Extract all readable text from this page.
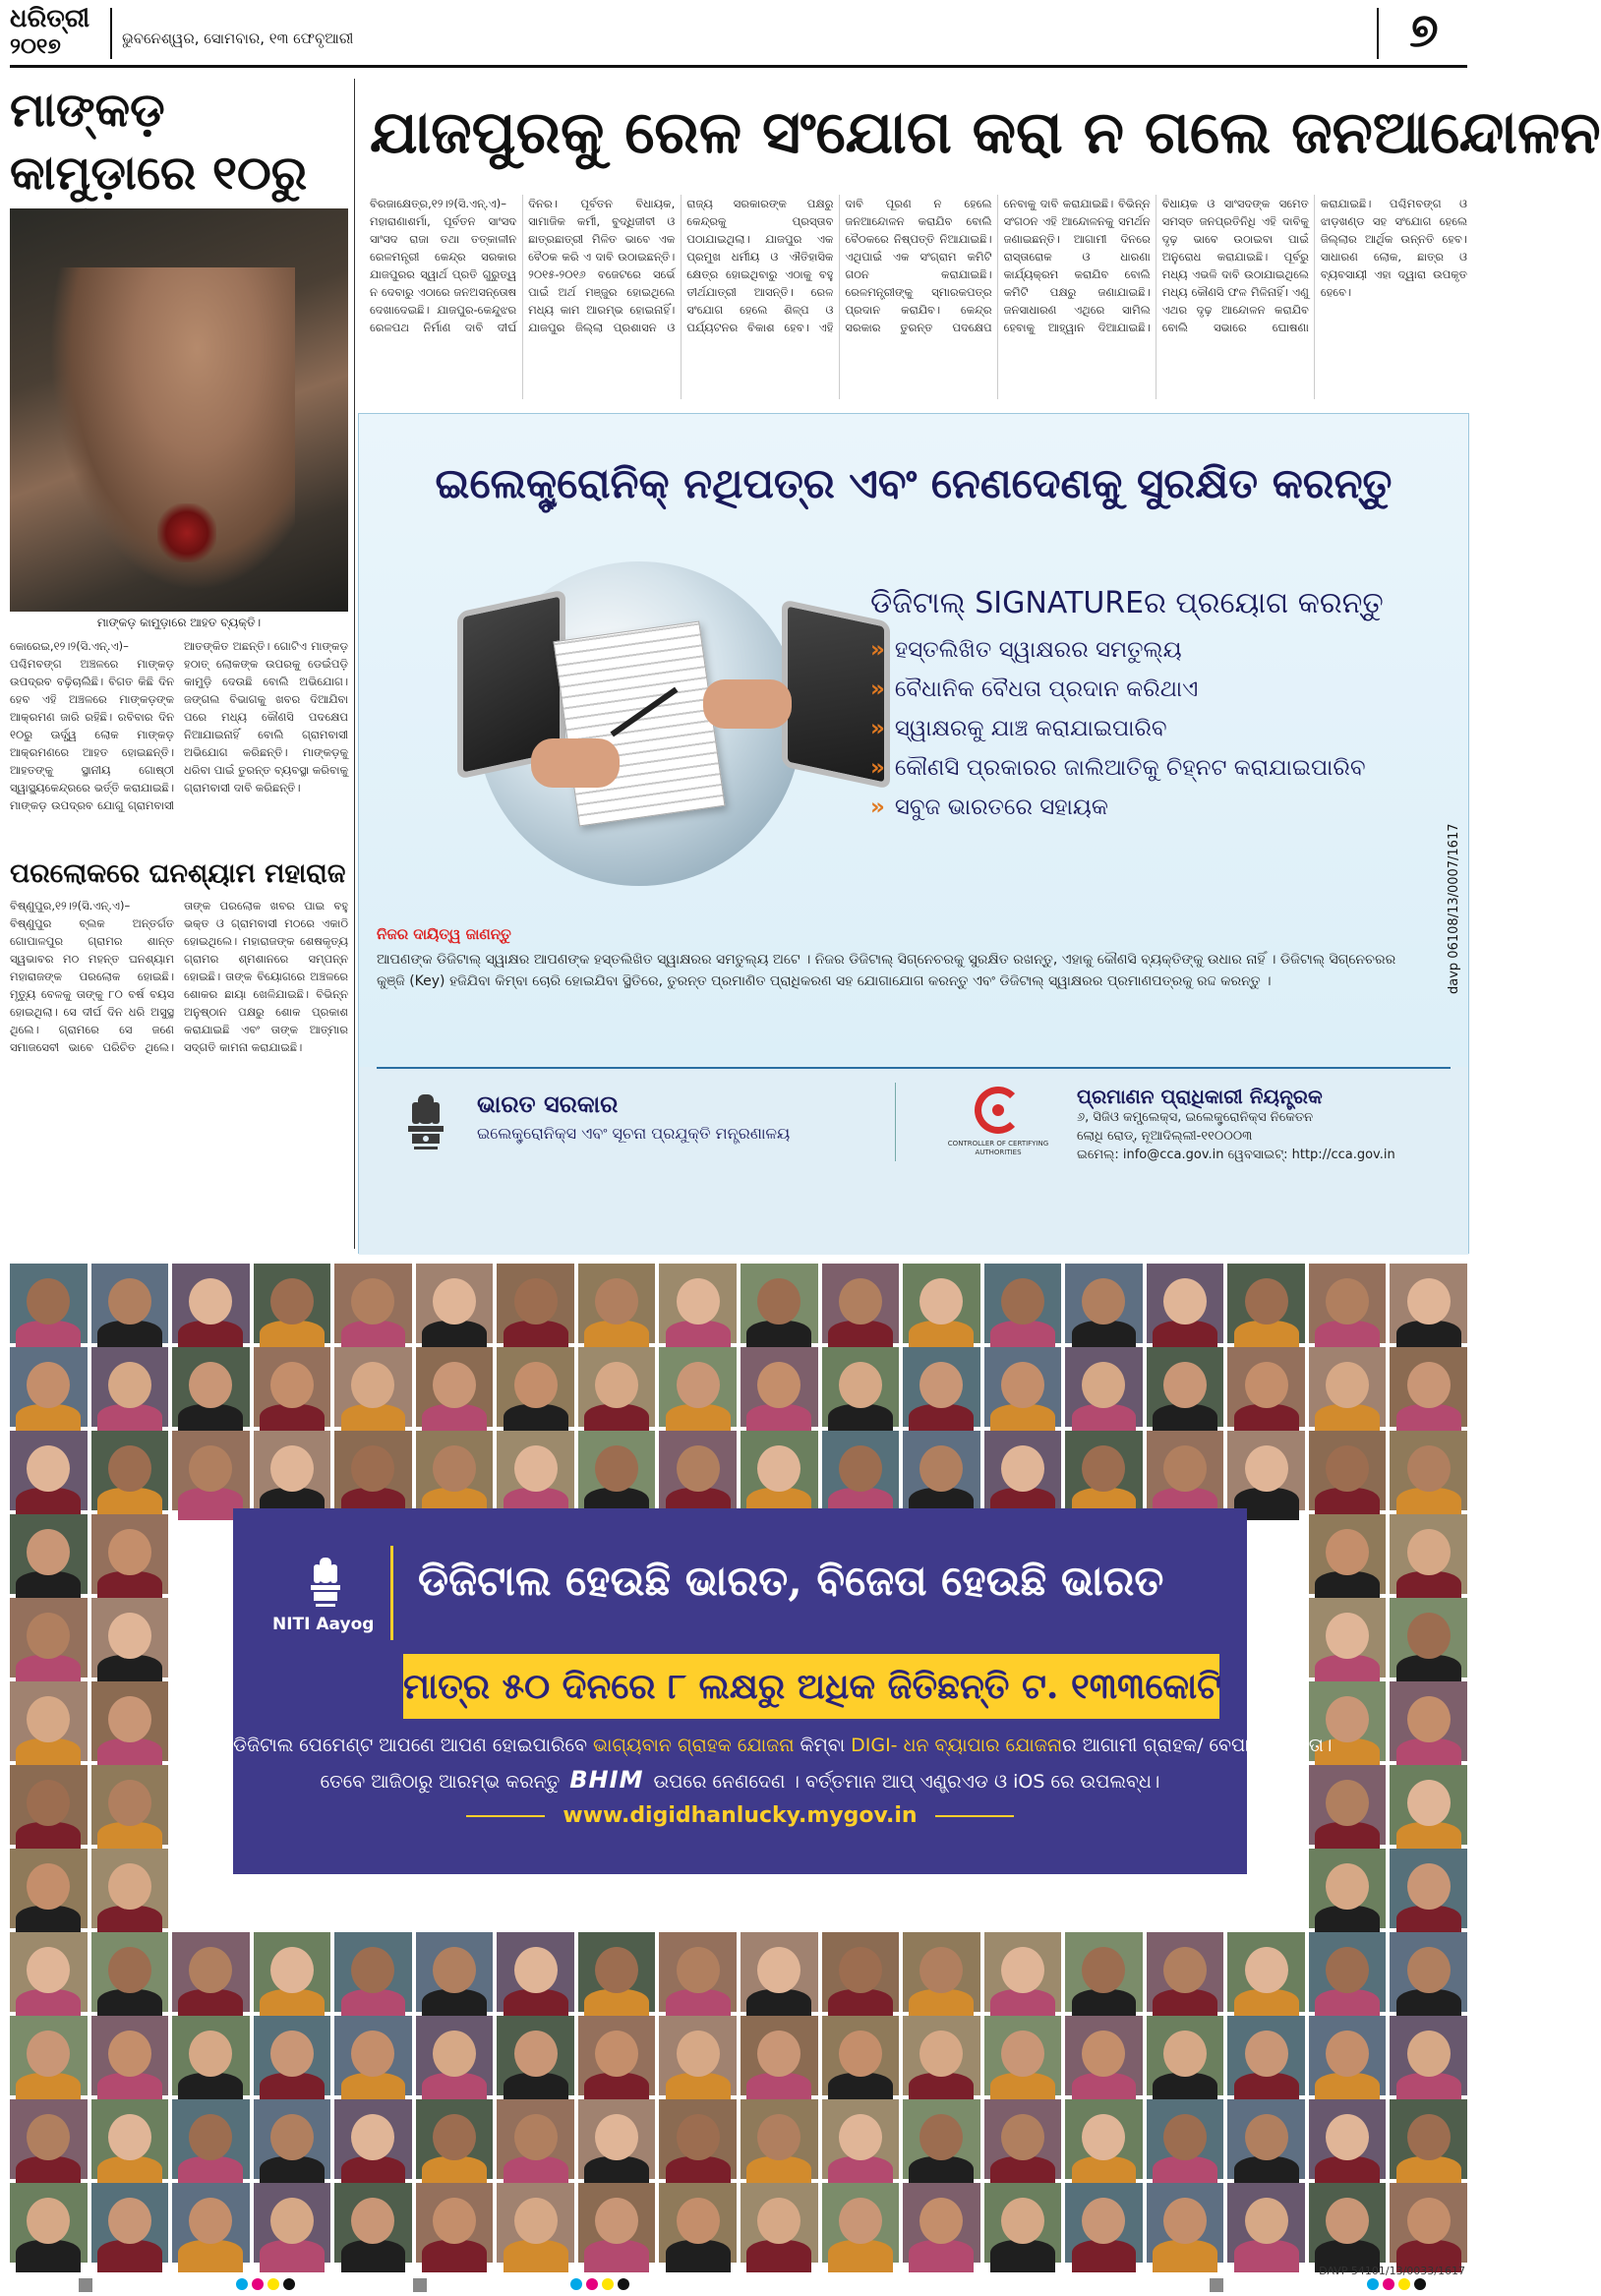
ଧରିତ୍ରୀ
୨୦୧୭	ଭୁବନେଶ୍ୱର, ସୋମବାର, ୧୩ ଫେବୃଆରୀ	୭
ମାଙ୍କଡ଼ କାମୁଡ଼ାରେ ୧୦ରୁ
ମାଙ୍କଡ଼ କାମୁଡ଼ାରେ ଆହତ ବ୍ୟକ୍ତି।
କୋରେଇ,୧୨।୨(ସି.ଏନ୍.ଏ)– ପଶ୍ଚିମବଙ୍ଗ ଅଞ୍ଚଳରେ ମାଙ୍କଡ଼ ଉପଦ୍ରବ ବଢ଼ିଚାଲିଛି। ବିଗତ କିଛି ଦିନ ହେବ ଏହି ଅଞ୍ଚଳରେ ମାଙ୍କଡ଼ଙ୍କ ଆକ୍ରମଣ ଜାରି ରହିଛି। ରବିବାର ଦିନ ୧୦ରୁ ଊର୍ଦ୍ଧ୍ୱ ଲୋକ ମାଙ୍କଡ଼ ଆକ୍ରମଣରେ ଆହତ ହୋଇଛନ୍ତି। ଆହତଙ୍କୁ ସ୍ଥାନୀୟ ଗୋଷ୍ଠୀ ସ୍ୱାସ୍ଥ୍ୟକେନ୍ଦ୍ରରେ ଭର୍ତ୍ତି କରାଯାଇଛି। ମାଙ୍କଡ଼ ଉପଦ୍ରବ ଯୋଗୁ ଗ୍ରାମବାସୀ ଆତଙ୍କିତ ଅଛନ୍ତି। ଗୋଟିଏ ମାଙ୍କଡ଼ ହଠାତ୍ ଲୋକଙ୍କ ଉପରକୁ ଡେଇଁପଡ଼ି କାମୁଡ଼ି ଦେଉଛି ବୋଲି ଅଭିଯୋଗ। ଜଙ୍ଗଲ ବିଭାଗକୁ ଖବର ଦିଆଯିବା ପରେ ମଧ୍ୟ କୌଣସି ପଦକ୍ଷେପ ନିଆଯାଇନାହିଁ ବୋଲି ଗ୍ରାମବାସୀ ଅଭିଯୋଗ କରିଛନ୍ତି। ମାଙ୍କଡ଼କୁ ଧରିବା ପାଇଁ ତୁରନ୍ତ ବ୍ୟବସ୍ଥା କରିବାକୁ ଗ୍ରାମବାସୀ ଦାବି କରିଛନ୍ତି।
ପରଲୋକରେ ଘନଶ୍ୟାମ ମହାରାଜ
ବିଷ୍ଣୁପୁର,୧୨।୨(ସି.ଏନ୍.ଏ)– ବିଷ୍ଣୁପୁର ବ୍ଲକ ଅନ୍ତର୍ଗତ ଗୋପାଳପୁର ଗ୍ରାମର ଶାନ୍ତ ସ୍ୱଭାବର ମଠ ମହନ୍ତ ଘନଶ୍ୟାମ ମହାରାଜଙ୍କ ପରଲୋକ ହୋଇଛି। ମୃତ୍ୟୁ ବେଳକୁ ତାଙ୍କୁ ୮୦ ବର୍ଷ ବୟସ ହୋଇଥିଲା। ସେ ଦୀର୍ଘ ଦିନ ଧରି ଅସୁସ୍ଥ ଥିଲେ। ଗ୍ରାମରେ ସେ ଜଣେ ସମାଜସେବୀ ଭାବେ ପରିଚିତ ଥିଲେ। ତାଙ୍କ ପରଲୋକ ଖବର ପାଇ ବହୁ ଭକ୍ତ ଓ ଗ୍ରାମବାସୀ ମଠରେ ଏକାଠି ହୋଇଥିଲେ। ମହାରାଜଙ୍କ ଶେଷକୃତ୍ୟ ଗ୍ରାମର ଶ୍ମଶାନରେ ସମ୍ପନ୍ନ ହୋଇଛି। ତାଙ୍କ ବିୟୋଗରେ ଅଞ୍ଚଳରେ ଶୋକର ଛାୟା ଖେଳିଯାଇଛି। ବିଭିନ୍ନ ଅନୁଷ୍ଠାନ ପକ୍ଷରୁ ଶୋକ ପ୍ରକାଶ କରାଯାଇଛି ଏବଂ ତାଙ୍କ ଆତ୍ମାର ସଦ୍‌ଗତି କାମନା କରାଯାଇଛି।
ଯାଜପୁରକୁ ରେଳ ସଂଯୋଗ କରା ନ ଗଲେ ଜନଆନ୍ଦୋଳନ
ବିରଜାକ୍ଷେତ୍ର,୧୨।୨(ସି.ଏନ୍.ଏ)– ମହାରାଣାଶର୍ମା, ପୂର୍ବତନ ସାଂସଦ ସାଂସଦ ରାଜା ତଥା ତତ୍କାଳୀନ ରେଳମନ୍ତ୍ରୀ କେନ୍ଦ୍ର ସରକାର ଯାଜପୁରର ସ୍ୱାର୍ଥ ପ୍ରତି ଗୁରୁତ୍ୱ ନ ଦେବାରୁ ଏଠାରେ ଜନଅସନ୍ତୋଷ ଦେଖାଦେଇଛି। ଯାଜପୁର-କେନ୍ଦୁଝର ରେଳପଥ ନିର୍ମାଣ ଦାବି ଦୀର୍ଘ ଦିନର। ପୂର୍ବତନ ବିଧାୟକ, ସାମାଜିକ କର୍ମୀ, ବୁଦ୍ଧିଜୀବୀ ଓ ଛାତ୍ରଛାତ୍ରୀ ମିଳିତ ଭାବେ ଏକ ବୈଠକ କରି ଏ ଦାବି ଉଠାଇଛନ୍ତି। ୨୦୧୫-୨୦୧୬ ବଜେଟରେ ସର୍ଭେ ପାଇଁ ଅର୍ଥ ମଞ୍ଜୁର ହୋଇଥିଲେ ମଧ୍ୟ କାମ ଆରମ୍ଭ ହୋଇନାହିଁ। ଯାଜପୁର ଜିଲ୍ଲା ପ୍ରଶାସନ ଓ ରାଜ୍ୟ ସରକାରଙ୍କ ପକ୍ଷରୁ କେନ୍ଦ୍ରକୁ ପ୍ରସ୍ତାବ ପଠାଯାଇଥିଲା। ଯାଜପୁର ଏକ ପ୍ରମୁଖ ଧର୍ମୀୟ ଓ ଐତିହାସିକ କ୍ଷେତ୍ର ହୋଇଥିବାରୁ ଏଠାକୁ ବହୁ ତୀର୍ଥଯାତ୍ରୀ ଆସନ୍ତି। ରେଳ ସଂଯୋଗ ହେଲେ ଶିଳ୍ପ ଓ ପର୍ଯ୍ୟଟନର ବିକାଶ ହେବ। ଏହି ଦାବି ପୂରଣ ନ ହେଲେ ଜନଆନ୍ଦୋଳନ କରାଯିବ ବୋଲି ବୈଠକରେ ନିଷ୍ପତ୍ତି ନିଆଯାଇଛି। ଏଥିପାଇଁ ଏକ ସଂଗ୍ରାମ କମିଟି ଗଠନ କରାଯାଇଛି। ରେଳମନ୍ତ୍ରୀଙ୍କୁ ସ୍ମାରକପତ୍ର ପ୍ରଦାନ କରାଯିବ। କେନ୍ଦ୍ର ସରକାର ତୁରନ୍ତ ପଦକ୍ଷେପ ନେବାକୁ ଦାବି କରାଯାଇଛି। ବିଭିନ୍ନ ସଂଗଠନ ଏହି ଆନ୍ଦୋଳନକୁ ସମର୍ଥନ ଜଣାଇଛନ୍ତି। ଆଗାମୀ ଦିନରେ ରାସ୍ତାରୋକ ଓ ଧାରଣା କାର୍ଯ୍ୟକ୍ରମ କରାଯିବ ବୋଲି କମିଟି ପକ୍ଷରୁ ଜଣାଯାଇଛି। ଜନସାଧାରଣ ଏଥିରେ ସାମିଲ ହେବାକୁ ଆହ୍ୱାନ ଦିଆଯାଇଛି। ବିଧାୟକ ଓ ସାଂସଦଙ୍କ ସମେତ ସମସ୍ତ ଜନପ୍ରତିନିଧି ଏହି ଦାବିକୁ ଦୃଢ଼ ଭାବେ ଉଠାଇବା ପାଇଁ ଅନୁରୋଧ କରାଯାଇଛି। ପୂର୍ବରୁ ମଧ୍ୟ ଏଭଳି ଦାବି ଉଠାଯାଇଥିଲେ ମଧ୍ୟ କୌଣସି ଫଳ ମିଳିନାହିଁ। ଏଣୁ ଏଥର ଦୃଢ଼ ଆନ୍ଦୋଳନ କରାଯିବ ବୋଲି ସଭାରେ ଘୋଷଣା କରାଯାଇଛି। ପଶ୍ଚିମବଙ୍ଗ ଓ ଝାଡ଼ଖଣ୍ଡ ସହ ସଂଯୋଗ ହେଲେ ଜିଲ୍ଲାର ଆର୍ଥିକ ଉନ୍ନତି ହେବ। ସାଧାରଣ ଲୋକ, ଛାତ୍ର ଓ ବ୍ୟବସାୟୀ ଏହା ଦ୍ୱାରା ଉପକୃତ ହେବେ।
ଇଲେକ୍ଟ୍ରୋନିକ୍ ନଥିପତ୍ର ଏବଂ ନେଣଦେଣକୁ ସୁରକ୍ଷିତ କରନ୍ତୁ
ଡିଜିଟାଲ୍ SIGNATUREର ପ୍ରୟୋଗ କରନ୍ତୁ
» ହସ୍ତଲିଖିତ ସ୍ୱାକ୍ଷରର ସମତୁଲ୍ୟ
» ବୈଧାନିକ ବୈଧତା ପ୍ରଦାନ କରିଥାଏ
» ସ୍ୱାକ୍ଷରକୁ ଯାଞ୍ଚ କରାଯାଇପାରିବ
» କୌଣସି ପ୍ରକାରର ଜାଲିଆତିକୁ ଚିହ୍ନଟ କରାଯାଇପାରିବ
» ସବୁଜ ଭାରତରେ ସହାୟକ
davp 06108/13/0007/1617
ନିଜର ଦାୟିତ୍ୱ ଜାଣନ୍ତୁ
ଆପଣଙ୍କ ଡିଜିଟାଲ୍ ସ୍ୱାକ୍ଷର ଆପଣଙ୍କ ହସ୍ତଲିଖିତ ସ୍ୱାକ୍ଷରର ସମତୁଲ୍ୟ ଅଟେ । ନିଜର ଡିଜିଟାଲ୍ ସିଗ୍ନେଚରକୁ ସୁରକ୍ଷିତ ରଖନ୍ତୁ, ଏହାକୁ କୌଣସି ବ୍ୟକ୍ତିଙ୍କୁ ଉଧାର ନାହିଁ । ଡିଜିଟାଲ୍ ସିଗ୍ନେଚରର କୁଞ୍ଜି (Key) ହଜିଯିବା କିମ୍ବା ଚୋରି ହୋଇଯିବା ସ୍ଥିତିରେ, ତୁରନ୍ତ ପ୍ରମାଣିତ ପ୍ରାଧିକରଣ ସହ ଯୋଗାଯୋଗ କରନ୍ତୁ ଏବଂ ଡିଜିଟାଲ୍ ସ୍ୱାକ୍ଷରର ପ୍ରମାଣପତ୍ରକୁ ରଦ୍ଦ କରନ୍ତୁ ।
ଭାରତ ସରକାର
ଇଲେକ୍ଟ୍ରୋନିକ୍ସ ଏବଂ ସୂଚନା ପ୍ରଯୁକ୍ତି ମନ୍ତ୍ରଣାଳୟ
CONTROLLER OF CERTIFYING AUTHORITIES
ପ୍ରମାଣନ ପ୍ରାଧିକାରୀ ନିୟନ୍ତ୍ରକ
୬, ସିଜିଓ କମ୍ପ୍ଲେକ୍ସ, ଇଲେକ୍ଟ୍ରୋନିକ୍ସ ନିକେତନ
ଲୋଧି ରୋଡ୍, ନୂଆଦିଲ୍ଲୀ-୧୧୦୦୦୩
ଇମେଲ୍: info@cca.gov.in ୱେବସାଇଟ୍: http://cca.gov.in
NITI Aayog
ଡିଜିଟାଲ ହେଉଛି ଭାରତ, ବିଜେତା ହେଉଛି ଭାରତ
ମାତ୍ର ୫୦ ଦିନରେ ୮ ଲକ୍ଷରୁ ଅଧିକ ଜିତିଛନ୍ତି ଟ. ୧୩୩କୋଟି
ଡିଜିଟାଲ ପେମେଣ୍ଟ ଆପଣେ ଆପଣ ହୋଇପାରିବେ ଭାଗ୍ୟବାନ ଗ୍ରାହକ ଯୋଜନା କିମ୍ବା DIGI- ଧନ ବ୍ୟାପାର ଯୋଜନାର ଆଗାମୀ ଗ୍ରାହକ/ ବେପାରୀ ବିଜେତା।
ତେବେ ଆଜିଠାରୁ ଆରମ୍ଭ କରନ୍ତୁ BHIM ଉପରେ ନେଣଦେଣ । ବର୍ତ୍ତମାନ ଆପ୍ ଏଣ୍ଡ୍ରଏଡ ଓ iOS ରେ ଉପଲବ୍ଧ।
www.digidhanlucky.mygov.in
DAVP 54101/13/0033/1617
